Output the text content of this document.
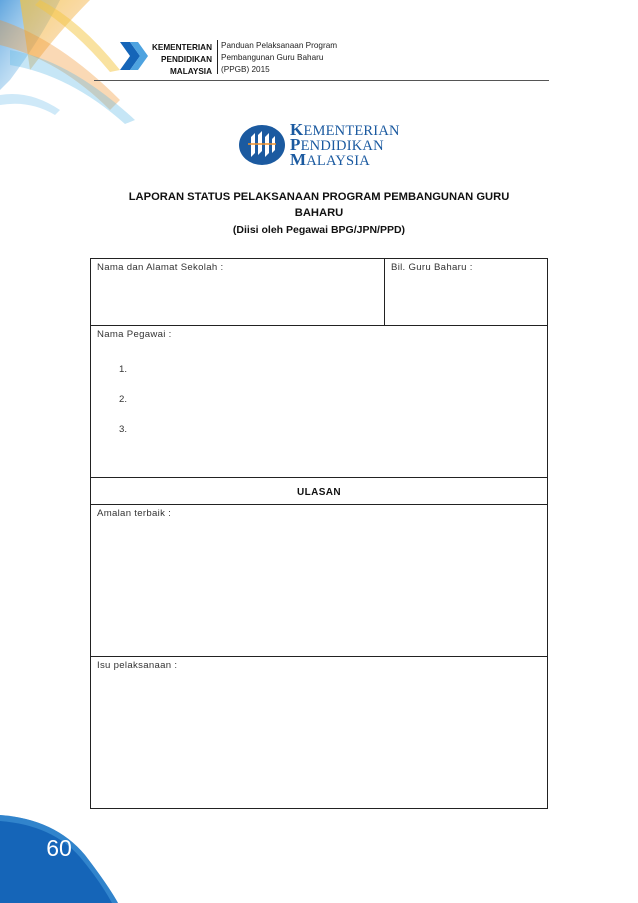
KEMENTERIAN
PENDIDIKAN
MALAYSIA
Panduan Pelaksanaan Program
Pembangunan Guru Baharu
(PPGB) 2015
KEMENTERIAN
PENDIDIKAN
MALAYSIA
LAPORAN STATUS PELAKSANAAN PROGRAM PEMBANGUNAN GURU
BAHARU
(Diisi oleh Pegawai BPG/JPN/PPD)
Nama dan Alamat Sekolah :	Bil. Guru Baharu :
Nama Pegawai :
1.
2.
3.
ULASAN
Amalan terbaik :
Isu pelaksanaan :
60
